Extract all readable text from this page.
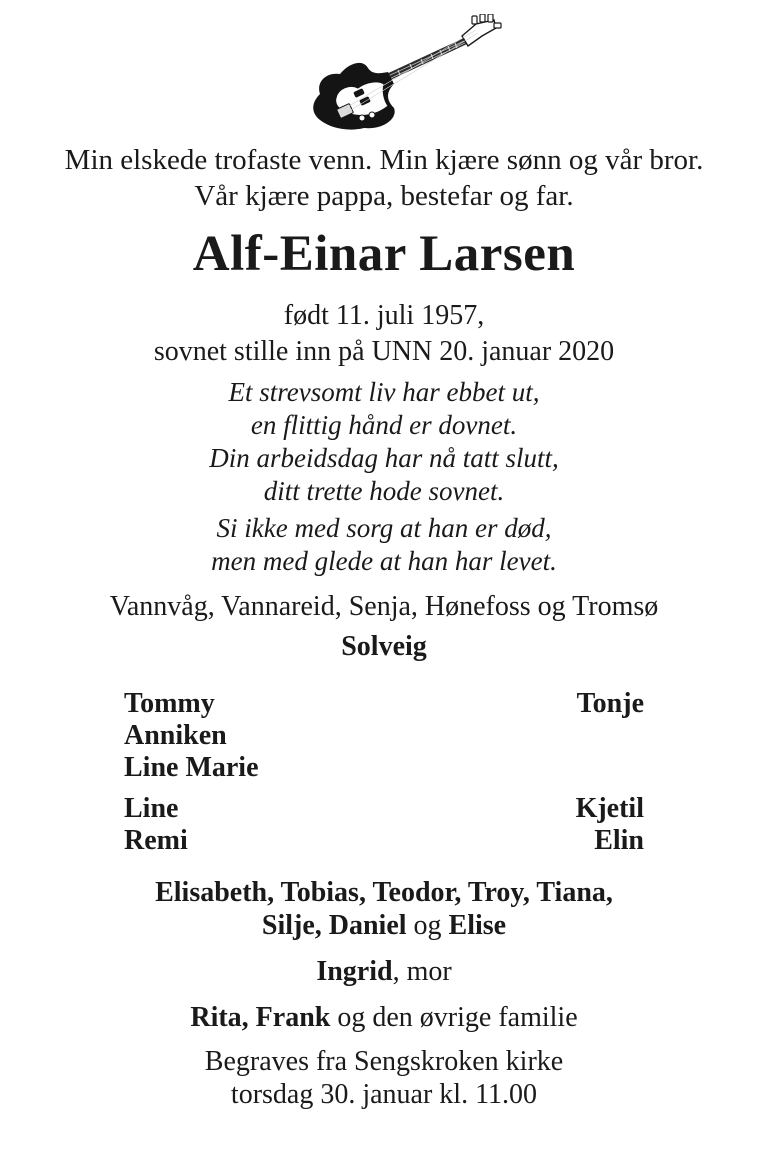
Min elskede trofaste venn. Min kjære sønn og vår bror.
Vår kjære pappa, bestefar og far.
Alf-Einar Larsen
født 11. juli 1957,
sovnet stille inn på UNN 20. januar 2020
Et strevsomt liv har ebbet ut,
en flittig hånd er dovnet.
Din arbeidsdag har nå tatt slutt,
ditt trette hode sovnet.
Si ikke med sorg at han er død,
men med glede at han har levet.
Vannvåg, Vannareid, Senja, Hønefoss og Tromsø
Solveig
Tommy
Anniken
Line Marie
Tonje
Line
Remi
Kjetil
Elin
Elisabeth, Tobias, Teodor, Troy, Tiana,
Silje, Daniel og Elise
Ingrid, mor
Rita, Frank og den øvrige familie
Begraves fra Sengskroken kirke
torsdag 30. januar kl. 11.00
